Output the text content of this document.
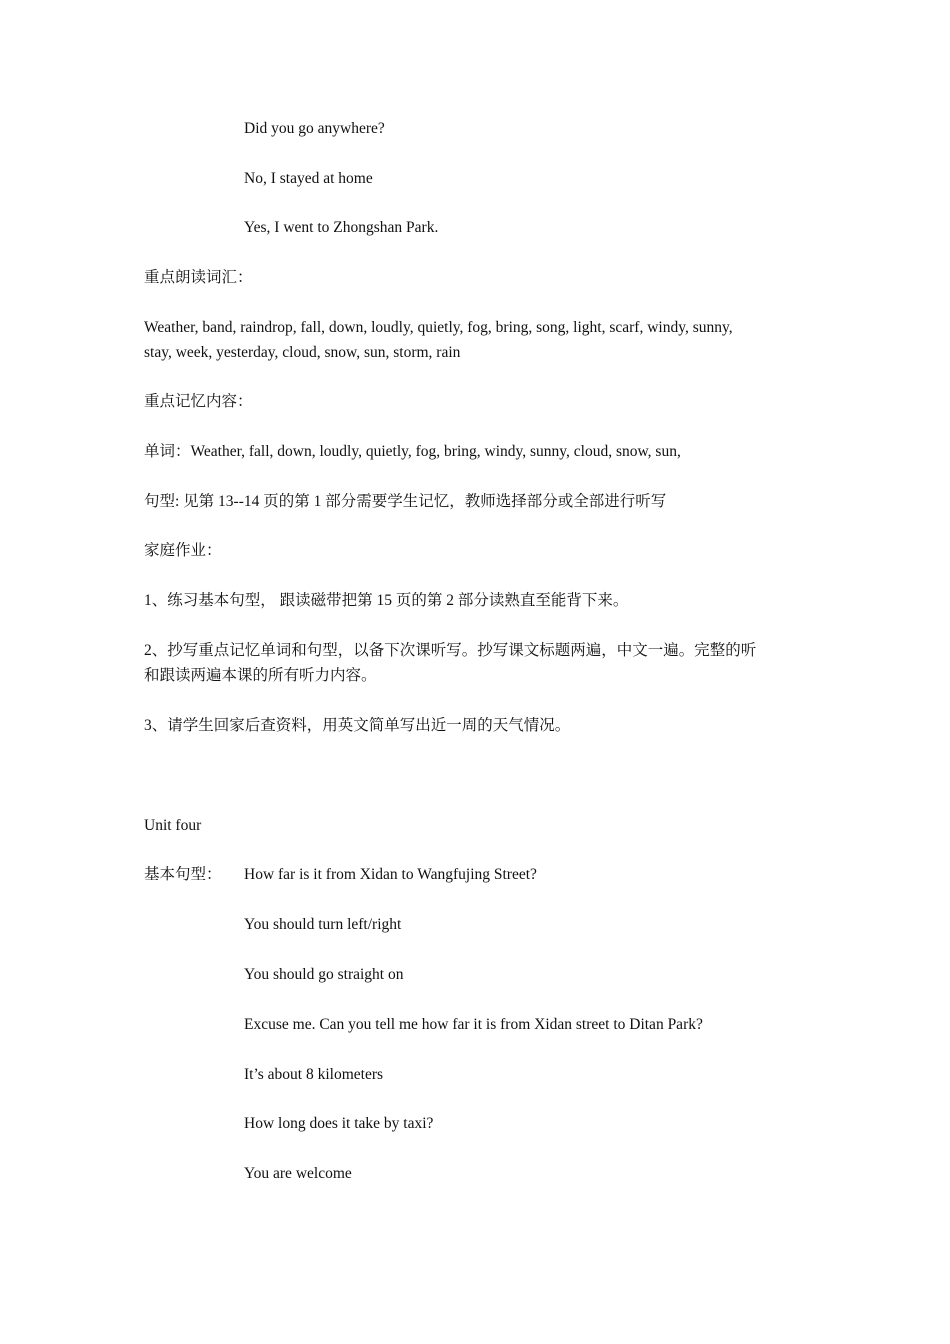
Did you go anywhere?
No, I stayed at home
Yes, I went to Zhongshan Park.
重点朗读词汇：
Weather, band, raindrop, fall, down, loudly, quietly, fog, bring, song, light, scarf, windy, sunny,
stay, week, yesterday, cloud, snow, sun, storm, rain
重点记忆内容：
单词：Weather, fall, down, loudly, quietly, fog, bring, windy, sunny, cloud, snow, sun,
句型: 见第 13--14 页的第 1 部分需要学生记忆，教师选择部分或全部进行听写
家庭作业：
1、练习基本句型， 跟读磁带把第 15 页的第 2 部分读熟直至能背下来。
2、抄写重点记忆单词和句型，以备下次课听写。抄写课文标题两遍，中文一遍。完整的听
和跟读两遍本课的所有听力内容。
3、请学生回家后查资料，用英文简单写出近一周的天气情况。
Unit four
基本句型： How far is it from Xidan to Wangfujing Street?
You should turn left/right
You should go straight on
Excuse me. Can you tell me how far it is from Xidan street to Ditan Park?
It’s about 8 kilometers
How long does it take by taxi?
You are welcome
